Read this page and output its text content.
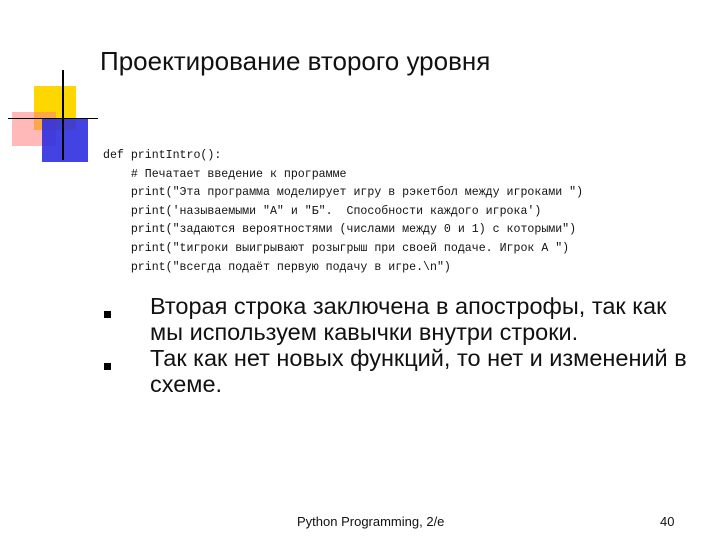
Проектирование второго уровня
def printIntro():
# Печатает введение к программе
print("Эта программа моделирует игру в рэкетбол между игроками ")
print('называемыми "A" и "Б".  Способности каждого игрока')
print("задаются вероятностями (числами между 0 и 1) с которыми")
print("tигроки выигрывают розыгрыш при своей подаче. Игрок A ")
print("всегда подаёт первую подачу в игре.\n")
Вторая строка заключена в апострофы, так как мы используем кавычки внутри строки.
Так как нет новых функций, то нет и изменений в схеме.
Python Programming, 2/e	40
